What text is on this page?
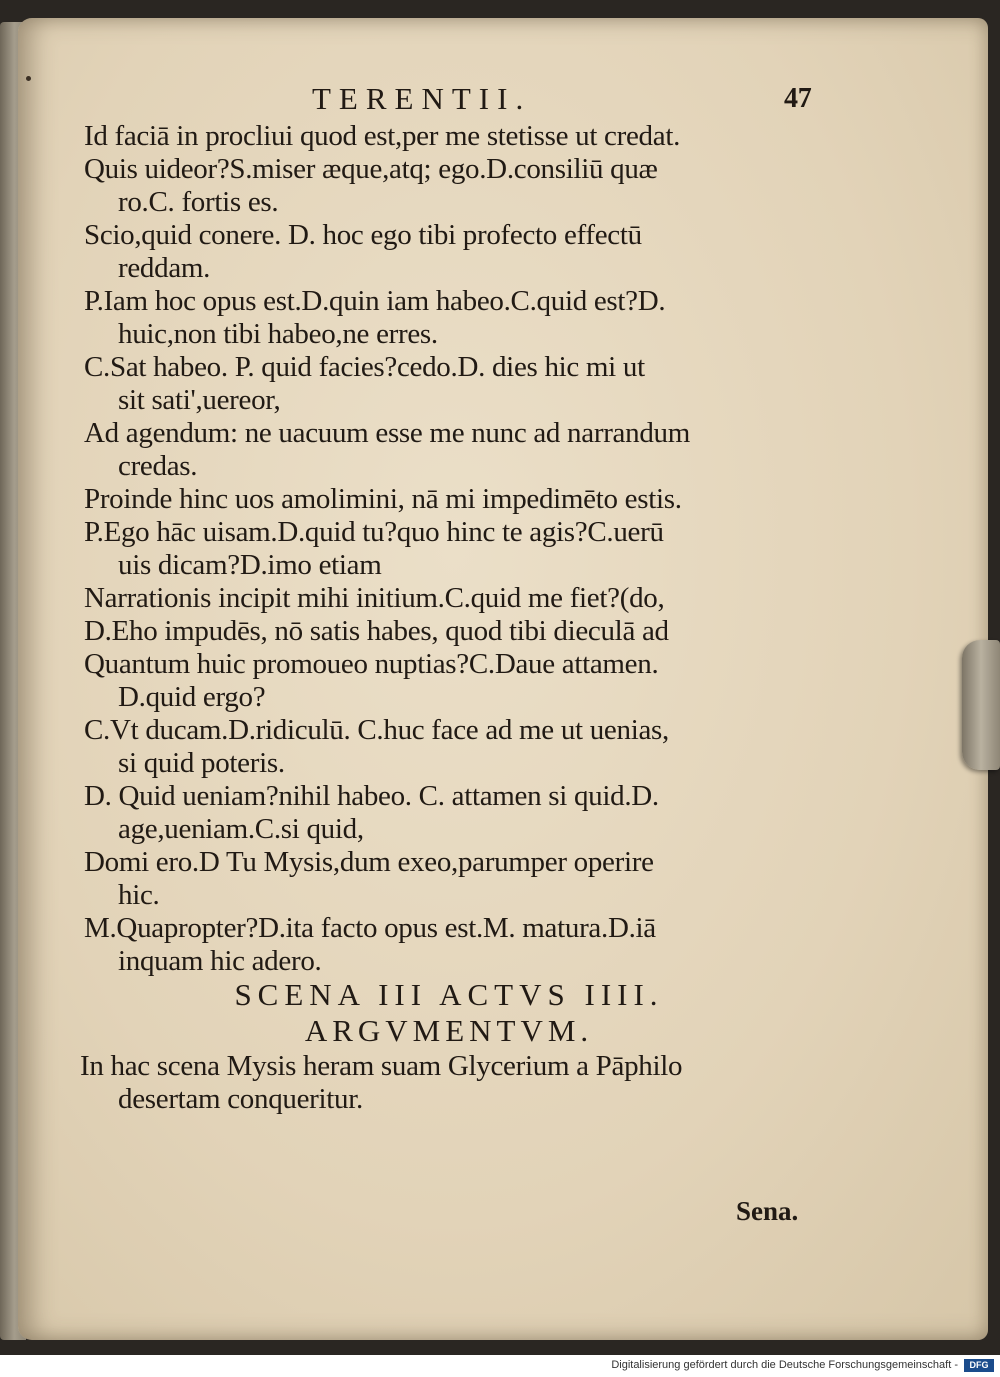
TERENTII.	47
Id faciā in procliui quod est,per me stetisse ut credat.
Quis uideor?S.miser æque,atq; ego.D.consiliū quæ
ro.C. fortis es.
Scio,quid conere. D. hoc ego tibi profecto effectū
reddam.
P.Iam hoc opus est.D.quin iam habeo.C.quid est?D.
huic,non tibi habeo,ne erres.
C.Sat habeo. P. quid facies?cedo.D. dies hic mi ut
sit sati',uereor,
Ad agendum: ne uacuum esse me nunc ad narrandum
credas.
Proinde hinc uos amolimini, nā mi impedimēto estis.
P.Ego hāc uisam.D.quid tu?quo hinc te agis?C.uerū
uis dicam?D.imo etiam
Narrationis incipit mihi initium.C.quid me fiet?(do,
D.Eho impudēs, nō satis habes, quod tibi dieculā ad
Quantum huic promoueo nuptias?C.Daue attamen.
D.quid ergo?
C.Vt ducam.D.ridiculū. C.huc face ad me ut uenias,
si quid poteris.
D. Quid ueniam?nihil habeo. C. attamen si quid.D.
age,ueniam.C.si quid,
Domi ero.D Tu Mysis,dum exeo,parumper operire
hic.
M.Quapropter?D.ita facto opus est.M. matura.D.iā
inquam hic adero.
SCENA III ACTVS IIII.
ARGVMENTVM.
In hac scena Mysis heram suam Glycerium a Pāphilo
desertam conqueritur.
Sena.
Digitalisierung gefördert durch die Deutsche Forschungsgemeinschaft -	DFG
